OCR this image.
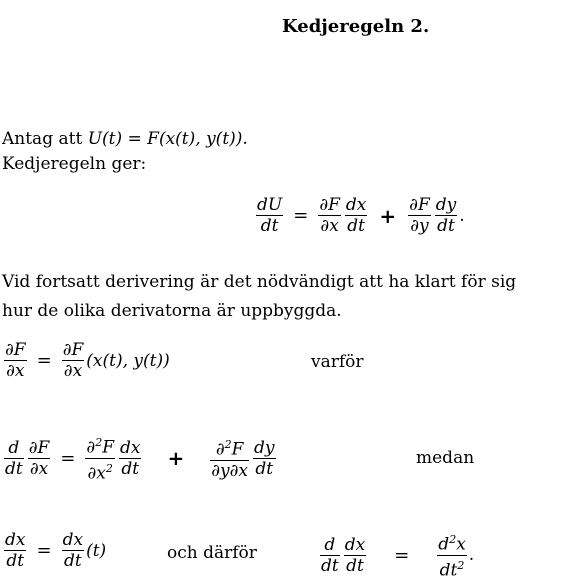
Kedjeregeln 2.
Antag att U(t) = F(x(t), y(t)).
Kedjeregeln ger:
$\frac{dU}{dt} = \frac{\partial F}{\partial x} \frac{dx}{dt} + \frac{\partial F}{\partial y} \frac{dy}{dt}$ .
Vid fortsatt derivering är det nödvändigt att ha klart för sig
hur de olika derivatorna är uppbyggda.
$\frac{\partial F}{\partial x} = \frac{\partial F}{\partial x} (x(t)$, y(t))	varför
$\frac{d}{dt} \frac{\partial F}{\partial x} = \frac{\partial^2F}{\partial x^2} \frac{dx}{dt} + \frac{\partial^2F}{\partial y\partial x} \frac{dy}{dt}$	medan
$\frac{dx}{dt} = \frac{dx}{dt} (t)$	och därför	$\frac{d}{dt} \frac{dx}{dt} = \frac{d^2x}{dt^2}$ .
